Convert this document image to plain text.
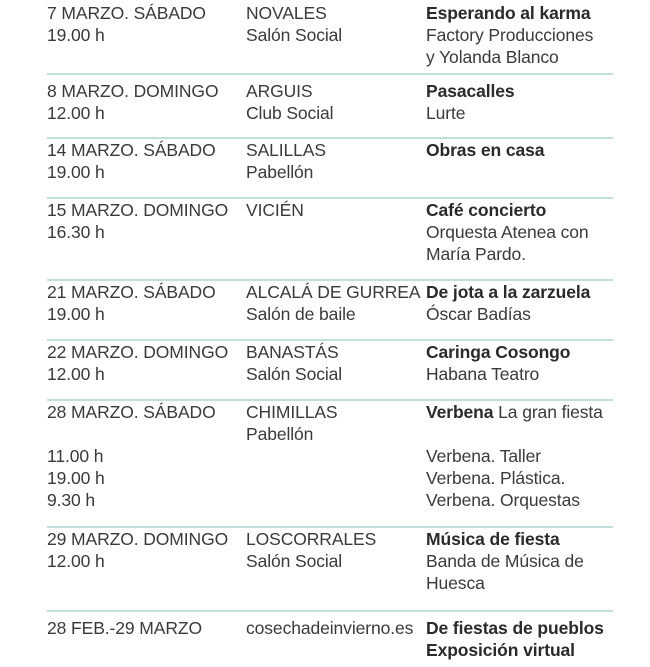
7 MARZO. SÁBADO
19.00 h
NOVALES
Salón Social
Esperando al karma
Factory Producciones
y Yolanda Blanco
8 MARZO. DOMINGO
12.00 h
ARGUIS
Club Social
Pasacalles
Lurte
14 MARZO. SÁBADO
19.00 h
SALILLAS
Pabellón
Obras en casa
15 MARZO. DOMINGO
16.30 h
VICIÉN	Café concierto
Orquesta Atenea con
María Pardo.
21 MARZO. SÁBADO
19.00 h
ALCALÁ DE GURREA
Salón de baile
De jota a la zarzuela
Óscar Badías
22 MARZO. DOMINGO
12.00 h
BANASTÁS
Salón Social
Caringa Cosongo
Habana Teatro
28 MARZO. SÁBADO
11.00 h
19.00 h
9.30 h
CHIMILLAS
Pabellón
Verbena La gran fiesta
Verbena. Taller
Verbena. Plástica.
Verbena. Orquestas
29 MARZO. DOMINGO
12.00 h
LOSCORRALES
Salón Social
Música de fiesta
Banda de Música de
Huesca
28 FEB.-29 MARZO	cosechadeinvierno.es De fiestas de pueblos
Exposición virtual
